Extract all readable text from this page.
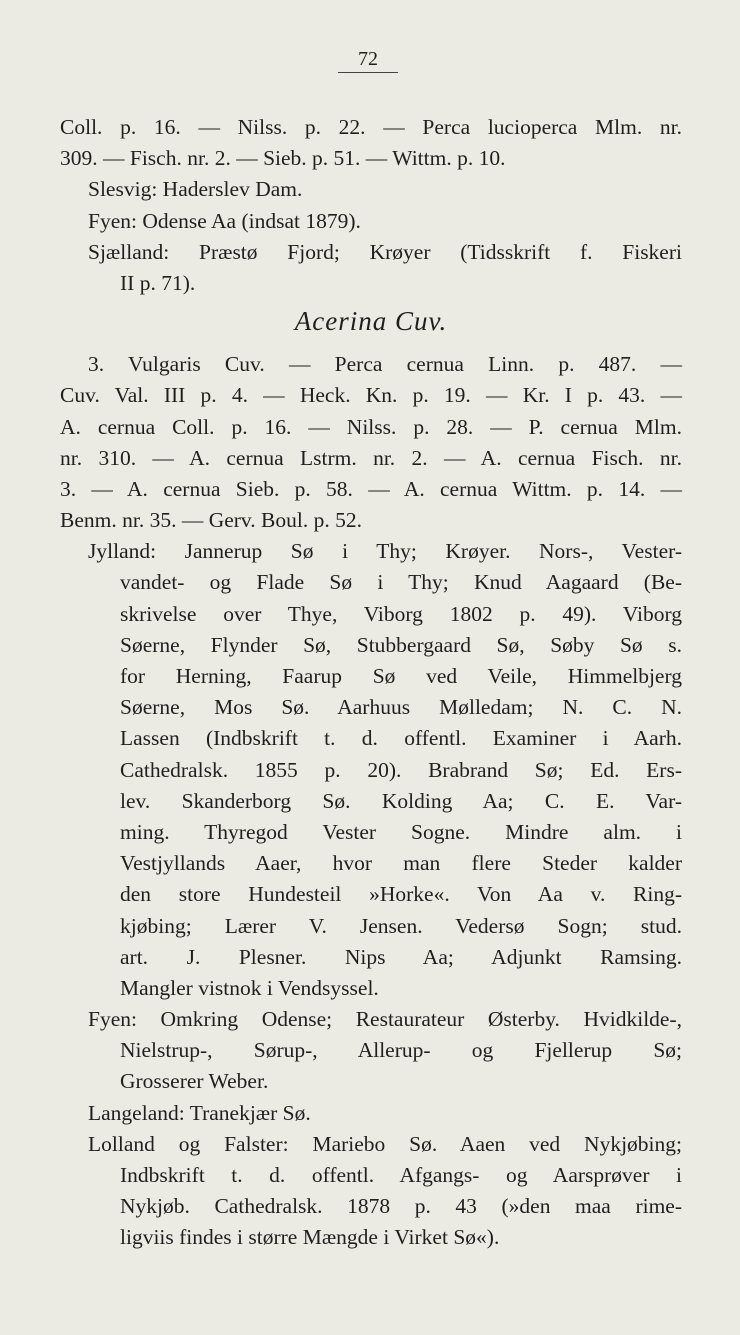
72
Coll. p. 16. — Nilss. p. 22. — Perca lucioperca Mlm. nr.
309. — Fisch. nr. 2. — Sieb. p. 51. — Wittm. p. 10.
Slesvig: Haderslev Dam.
Fyen: Odense Aa (indsat 1879).
Sjælland: Præstø Fjord; Krøyer (Tidsskrift f. Fiskeri
II p. 71).
Acerina Cuv.
3. Vulgaris Cuv. — Perca cernua Linn. p. 487. —
Cuv. Val. III p. 4. — Heck. Kn. p. 19. — Kr. I p. 43. —
A. cernua Coll. p. 16. — Nilss. p. 28. — P. cernua Mlm.
nr. 310. — A. cernua Lstrm. nr. 2. — A. cernua Fisch. nr.
3. — A. cernua Sieb. p. 58. — A. cernua Wittm. p. 14. —
Benm. nr. 35. — Gerv. Boul. p. 52.
Jylland: Jannerup Sø i Thy; Krøyer. Nors-, Vester-
vandet- og Flade Sø i Thy; Knud Aagaard (Be-
skrivelse over Thye, Viborg 1802 p. 49). Viborg
Søerne, Flynder Sø, Stubbergaard Sø, Søby Sø s.
for Herning, Faarup Sø ved Veile, Himmelbjerg
Søerne, Mos Sø. Aarhuus Mølledam; N. C. N.
Lassen (Indbskrift t. d. offentl. Examiner i Aarh.
Cathedralsk. 1855 p. 20). Brabrand Sø; Ed. Ers-
lev. Skanderborg Sø. Kolding Aa; C. E. Var-
ming. Thyregod Vester Sogne. Mindre alm. i
Vestjyllands Aaer, hvor man flere Steder kalder
den store Hundesteil »Horke«. Von Aa v. Ring-
kjøbing; Lærer V. Jensen. Vedersø Sogn; stud.
art. J. Plesner. Nips Aa; Adjunkt Ramsing.
Mangler vistnok i Vendsyssel.
Fyen: Omkring Odense; Restaurateur Østerby. Hvidkilde-,
Nielstrup-, Sørup-, Allerup- og Fjellerup Sø;
Grosserer Weber.
Langeland: Tranekjær Sø.
Lolland og Falster: Mariebo Sø. Aaen ved Nykjøbing;
Indbskrift t. d. offentl. Afgangs- og Aarsprøver i
Nykjøb. Cathedralsk. 1878 p. 43 (»den maa rime-
ligviis findes i større Mængde i Virket Sø«).
